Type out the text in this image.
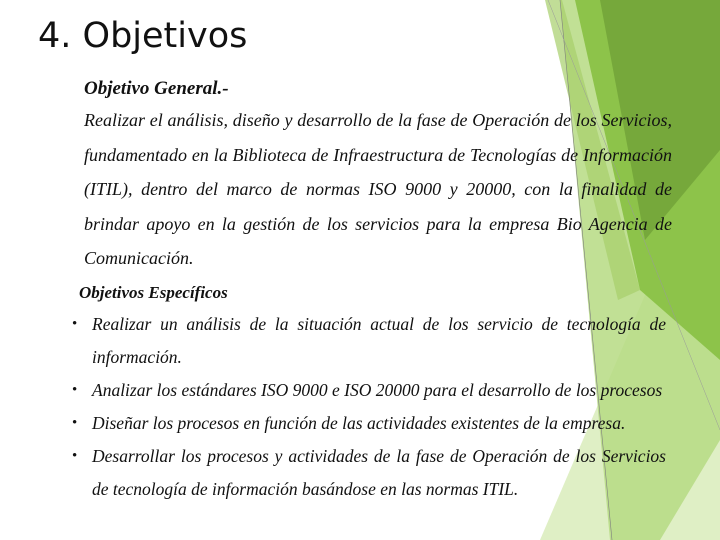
4. Objetivos
Objetivo General.-

Realizar el análisis, diseño y desarrollo de la fase de Operación de los Servicios, fundamentado en la Biblioteca de Infraestructura de Tecnologías de Información (ITIL), dentro del marco de normas ISO 9000 y 20000, con la finalidad de brindar apoyo en la gestión de los servicios para la empresa Bio Agencia de Comunicación.

Objetivos Específicos
• Realizar un análisis de la situación actual de los servicio de tecnología de información.
• Analizar los estándares ISO 9000 e ISO 20000 para el desarrollo de los procesos
• Diseñar los procesos en función de las actividades existentes de la empresa.
• Desarrollar los procesos y actividades de la fase de Operación de los Servicios de tecnología de información basándose en las normas ITIL.
